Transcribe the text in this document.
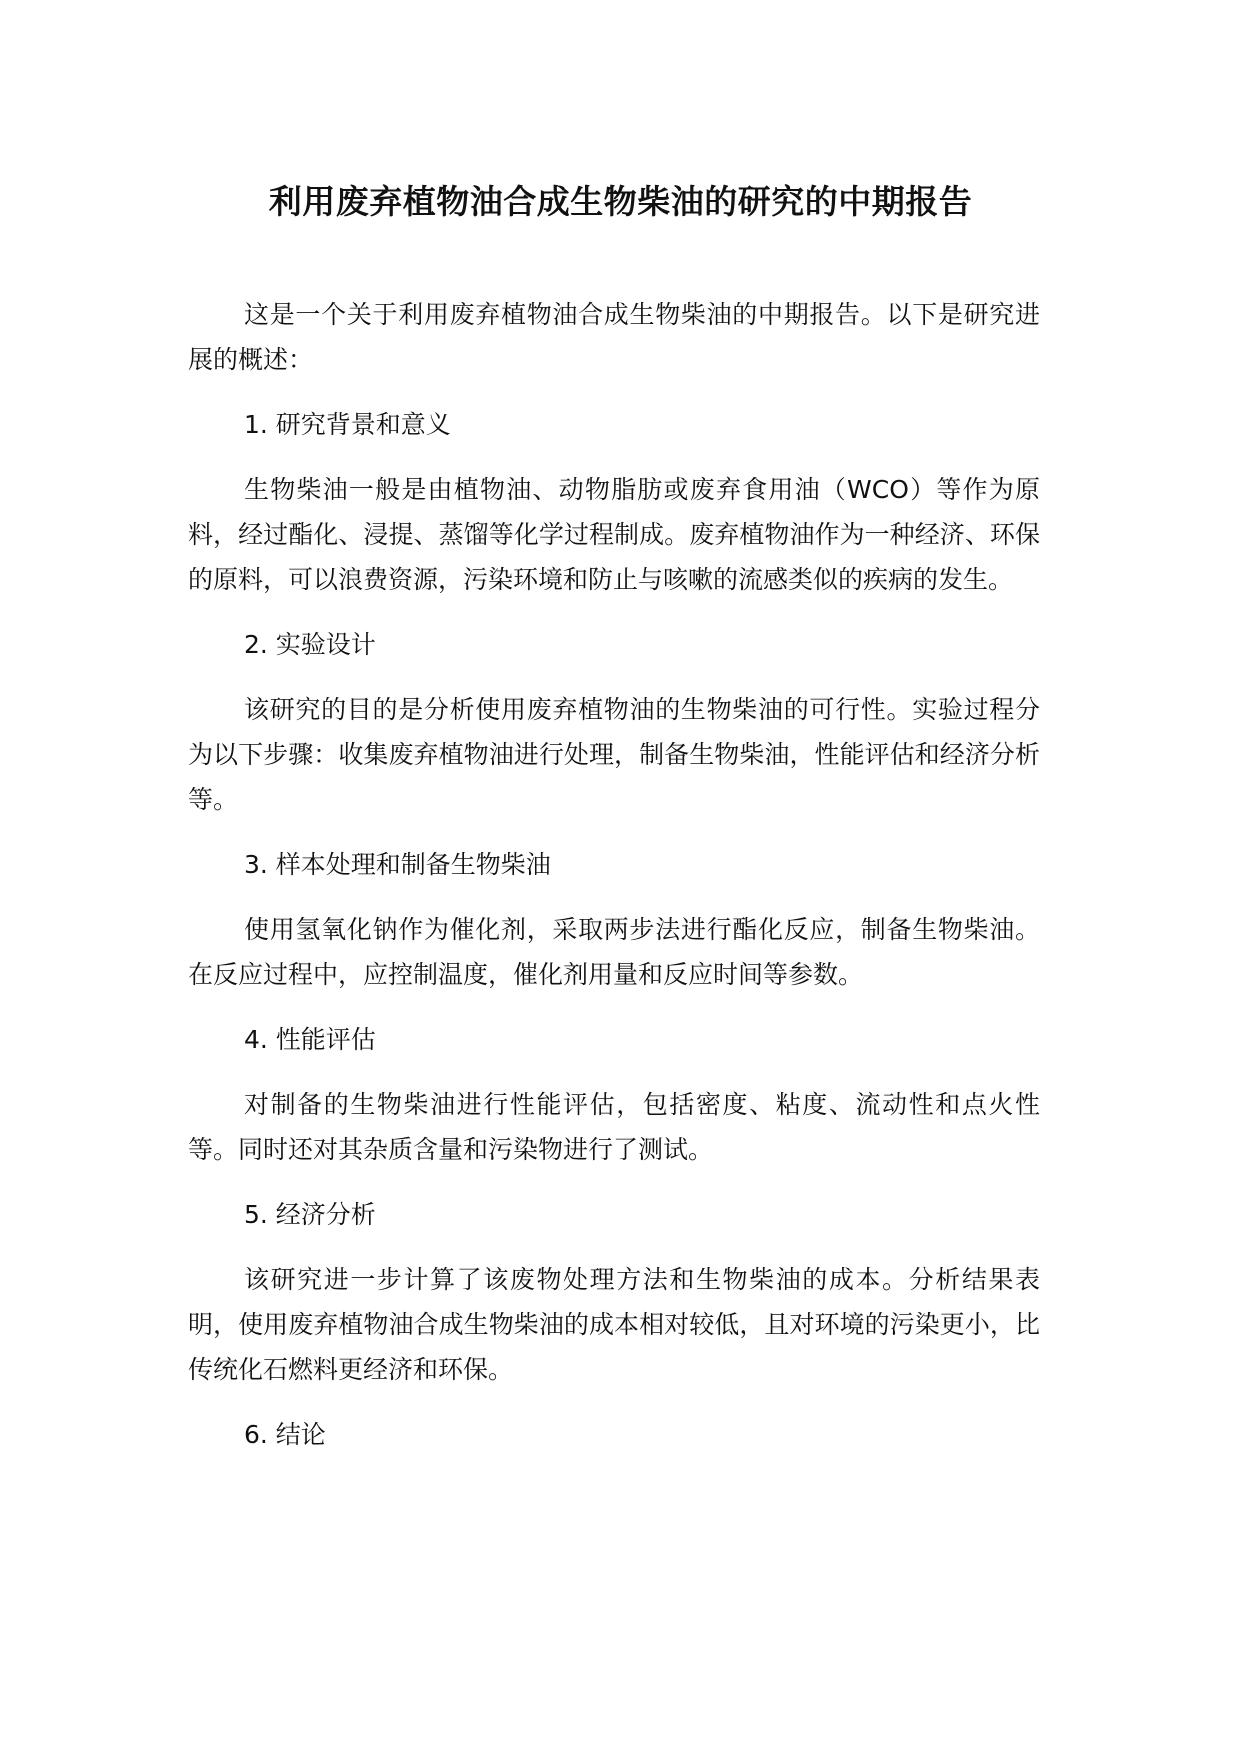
利用废弃植物油合成生物柴油的研究的中期报告

这是一个关于利用废弃植物油合成生物柴油的中期报告。以下是研究进展的概述：

1. 研究背景和意义

生物柴油一般是由植物油、动物脂肪或废弃食用油（WCO）等作为原料，经过酯化、浸提、蒸馏等化学过程制成。废弃植物油作为一种经济、环保的原料，可以浪费资源，污染环境和防止与咳嗽的流感类似的疾病的发生。

2. 实验设计

该研究的目的是分析使用废弃植物油的生物柴油的可行性。实验过程分为以下步骤：收集废弃植物油进行处理，制备生物柴油，性能评估和经济分析等。

3. 样本处理和制备生物柴油

使用氢氧化钠作为催化剂，采取两步法进行酯化反应，制备生物柴油。在反应过程中，应控制温度，催化剂用量和反应时间等参数。

4. 性能评估

对制备的生物柴油进行性能评估，包括密度、粘度、流动性和点火性等。同时还对其杂质含量和污染物进行了测试。

5. 经济分析

该研究进一步计算了该废物处理方法和生物柴油的成本。分析结果表明，使用废弃植物油合成生物柴油的成本相对较低，且对环境的污染更小，比传统化石燃料更经济和环保。

6. 结论
